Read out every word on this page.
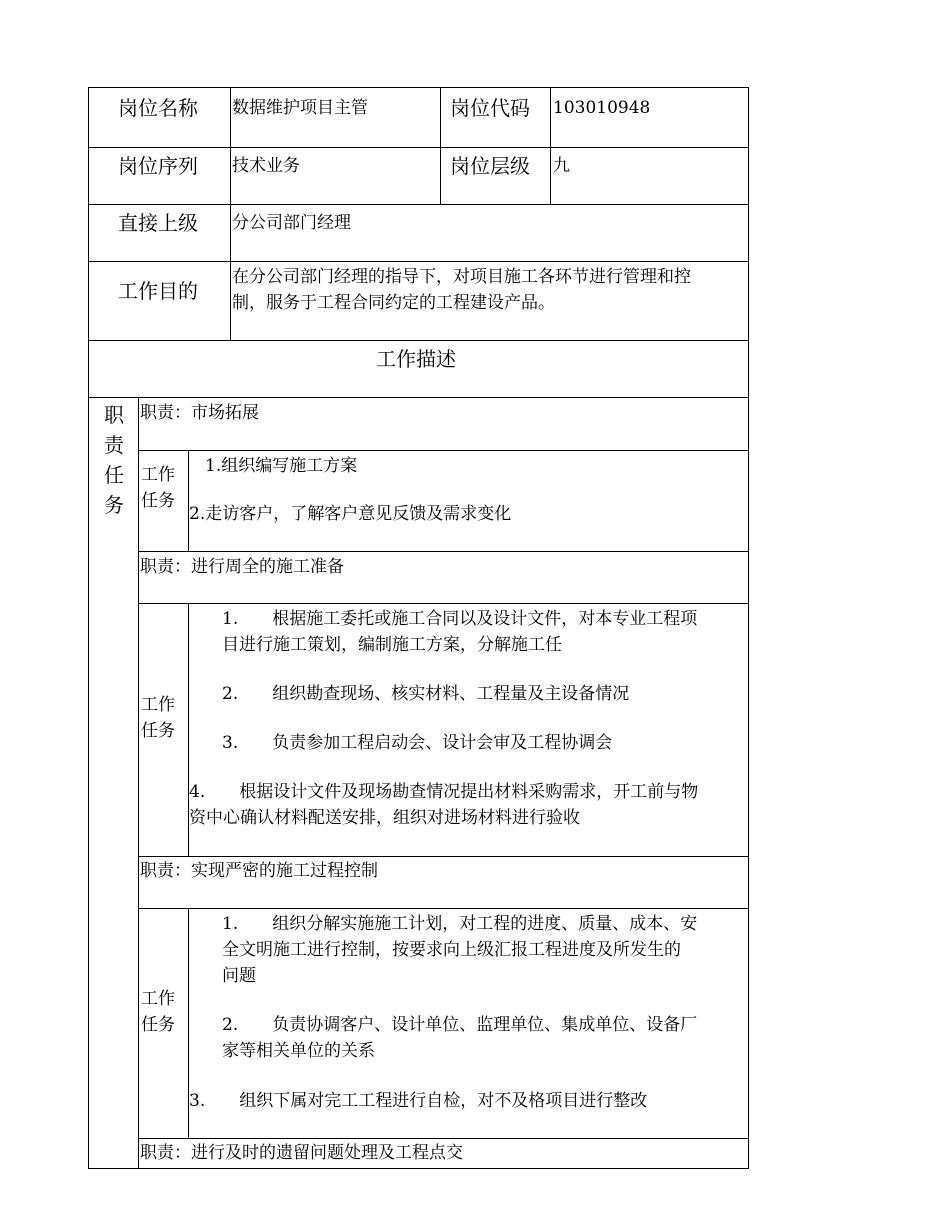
岗位名称 数据维护项目主管	岗位代码 103010948
岗位序列 技术业务	岗位层级 九
直接上级 分公司部门经理
工作目的
在分公司部门经理的指导下，对项目施工各环节进行管理和控
制，服务于工程合同约定的工程建设产品。
工作描述
职
责
任
务
职责：市场拓展
工作
任务
1.组织编写施工方案
2.走访客户，了解客户意见反馈及需求变化
职责：进行周全的施工准备
工作
任务
1.　　根据施工委托或施工合同以及设计文件，对本专业工程项
目进行施工策划，编制施工方案，分解施工任
2.　　组织勘查现场、核实材料、工程量及主设备情况
3.　　负责参加工程启动会、设计会审及工程协调会
4.　　根据设计文件及现场勘查情况提出材料采购需求，开工前与物
资中心确认材料配送安排，组织对进场材料进行验收
职责：实现严密的施工过程控制
工作
任务
1.　　组织分解实施施工计划，对工程的进度、质量、成本、安
全文明施工进行控制，按要求向上级汇报工程进度及所发生的
问题
2.　　负责协调客户、设计单位、监理单位、集成单位、设备厂
家等相关单位的关系
3.　　组织下属对完工工程进行自检，对不及格项目进行整改
职责：进行及时的遗留问题处理及工程点交
